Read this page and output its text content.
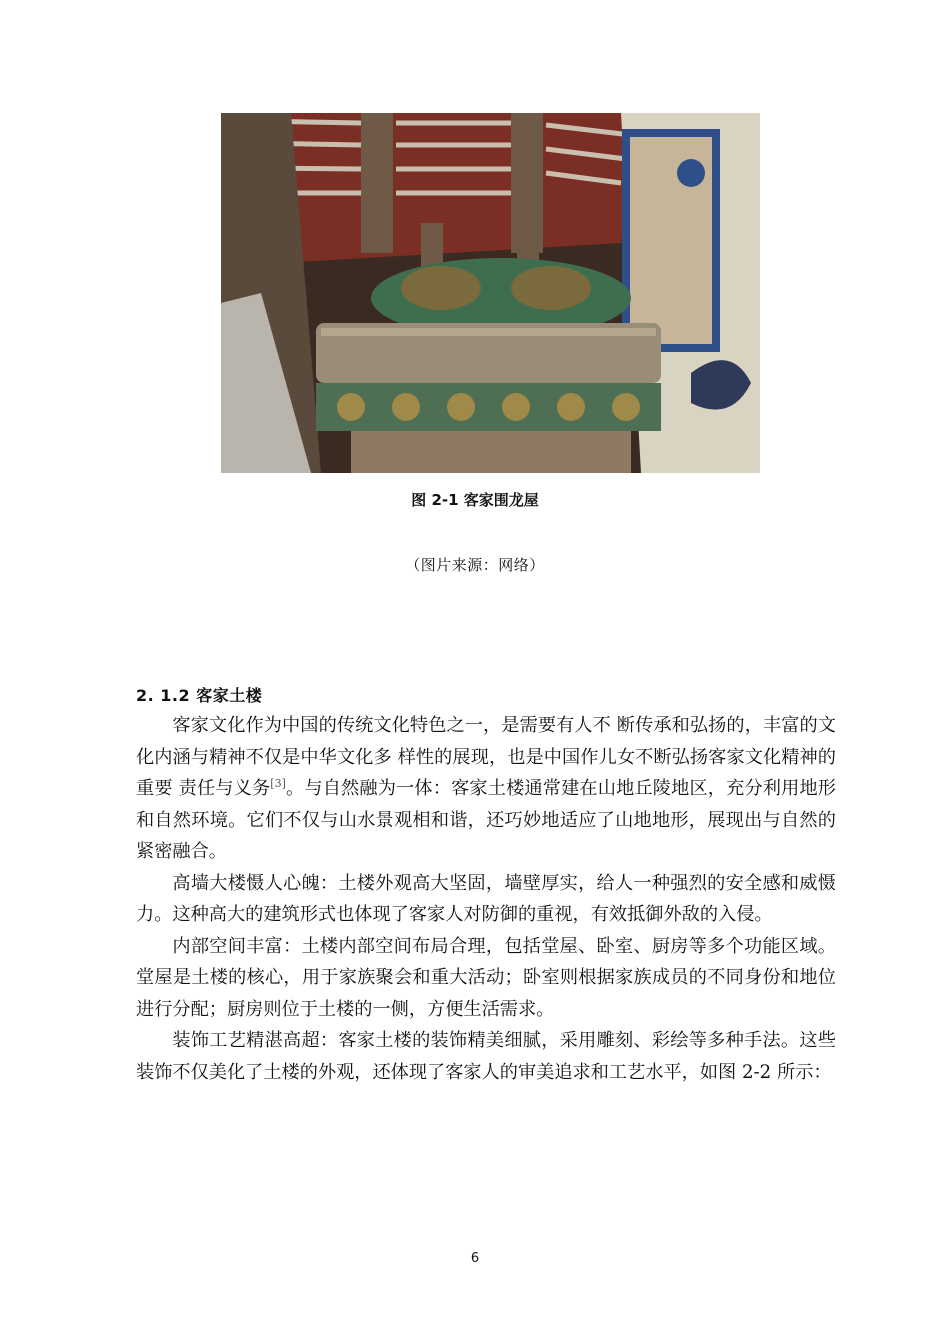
图 2-1 客家围龙屋
（图片来源：网络）
2. 1.2 客家土楼

客家文化作为中国的传统文化特色之一，是需要有人不 断传承和弘扬的，丰富的文化内涵与精神不仅是中华文化多 样性的展现，也是中国作儿女不断弘扬客家文化精神的重要 责任与义务[3]。与自然融为一体：客家土楼通常建在山地丘陵地区，充分利用地形和自然环境。它们不仅与山水景观相和谐，还巧妙地适应了山地地形，展现出与自然的紧密融合。

高墙大楼慑人心魄：土楼外观高大坚固，墙壁厚实，给人一种强烈的安全感和威慑力。这种高大的建筑形式也体现了客家人对防御的重视，有效抵御外敌的入侵。

内部空间丰富：土楼内部空间布局合理，包括堂屋、卧室、厨房等多个功能区域。堂屋是土楼的核心，用于家族聚会和重大活动；卧室则根据家族成员的不同身份和地位进行分配；厨房则位于土楼的一侧，方便生活需求。

装饰工艺精湛高超：客家土楼的装饰精美细腻，采用雕刻、彩绘等多种手法。这些装饰不仅美化了土楼的外观，还体现了客家人的审美追求和工艺水平，如图 2-2 所示：

6
